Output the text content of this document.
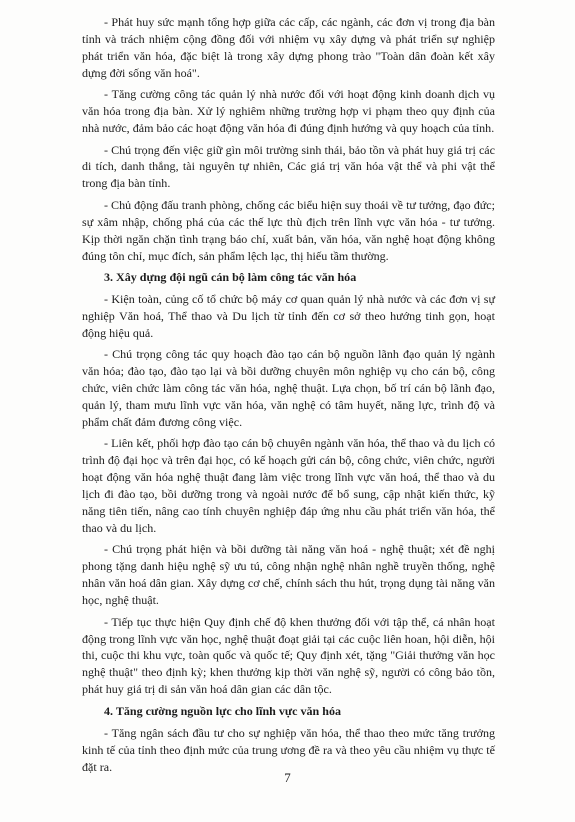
- Phát huy sức mạnh tổng hợp giữa các cấp, các ngành, các đơn vị trong địa bàn tỉnh và trách nhiệm cộng đồng đối với nhiệm vụ xây dựng và phát triển sự nghiệp phát triển văn hóa, đặc biệt là trong xây dựng phong trào "Toàn dân đoàn kết xây dựng đời sống văn hoá".

- Tăng cường công tác quản lý nhà nước đối với hoạt động kinh doanh dịch vụ văn hóa trong địa bàn. Xử lý nghiêm những trường hợp vi phạm theo quy định của nhà nước, đảm bảo các hoạt động văn hóa đi đúng định hướng và quy hoạch của tỉnh.

- Chú trọng đến việc giữ gìn môi trường sinh thái, bảo tồn và phát huy giá trị các di tích, danh thắng, tài nguyên tự nhiên, Các giá trị văn hóa vật thể và phi vật thể trong địa bàn tỉnh.

- Chủ động đấu tranh phòng, chống các biểu hiện suy thoái về tư tưởng, đạo đức; sự xâm nhập, chống phá của các thế lực thù địch trên lĩnh vực văn hóa - tư tưởng. Kịp thời ngăn chặn tình trạng báo chí, xuất bản, văn hóa, văn nghệ hoạt động không đúng tôn chỉ, mục đích, sản phẩm lệch lạc, thị hiếu tầm thường.

3. Xây dựng đội ngũ cán bộ làm công tác văn hóa

- Kiện toàn, củng cố tổ chức bộ máy cơ quan quản lý nhà nước và các đơn vị sự nghiệp Văn hoá, Thể thao và Du lịch từ tỉnh đến cơ sở theo hướng tinh gọn, hoạt động hiệu quả.

- Chú trọng công tác quy hoạch đào tạo cán bộ nguồn lãnh đạo quản lý ngành văn hóa; đào tạo, đào tạo lại và bồi dưỡng chuyên môn nghiệp vụ cho cán bộ, công chức, viên chức làm công tác văn hóa, nghệ thuật. Lựa chọn, bố trí cán bộ lãnh đạo, quản lý, tham mưu lĩnh vực văn hóa, văn nghệ có tâm huyết, năng lực, trình độ và phẩm chất đảm đương công việc.

- Liên kết, phối hợp đào tạo cán bộ chuyên ngành văn hóa, thể thao và du lịch có trình độ đại học và trên đại học, có kế hoạch gửi cán bộ, công chức, viên chức, người hoạt động văn hóa nghệ thuật đang làm việc trong lĩnh vực văn hoá, thể thao và du lịch đi đào tạo, bồi dưỡng trong và ngoài nước để bổ sung, cập nhật kiến thức, kỹ năng tiên tiến, nâng cao tính chuyên nghiệp đáp ứng nhu cầu phát triển văn hóa, thể thao và du lịch.

- Chú trọng phát hiện và bồi dưỡng tài năng văn hoá - nghệ thuật; xét đề nghị phong tặng danh hiệu nghệ sỹ ưu tú, công nhận nghệ nhân nghề truyền thống, nghệ nhân văn hoá dân gian. Xây dựng cơ chế, chính sách thu hút, trọng dụng tài năng văn học, nghệ thuật.

- Tiếp tục thực hiện Quy định chế độ khen thưởng đối với tập thể, cá nhân hoạt động trong lĩnh vực văn học, nghệ thuật đoạt giải tại các cuộc liên hoan, hội diễn, hội thi, cuộc thi khu vực, toàn quốc và quốc tế; Quy định xét, tặng "Giải thưởng văn học nghệ thuật" theo định kỳ; khen thưởng kịp thời văn nghệ sỹ, người có công bảo tồn, phát huy giá trị di sản văn hoá dân gian các dân tộc.

4. Tăng cường nguồn lực cho lĩnh vực văn hóa

- Tăng ngân sách đầu tư cho sự nghiệp văn hóa, thể thao theo mức tăng trưởng kinh tế của tỉnh theo định mức của trung ương đề ra và theo yêu cầu nhiệm vụ thực tế đặt ra.

7
